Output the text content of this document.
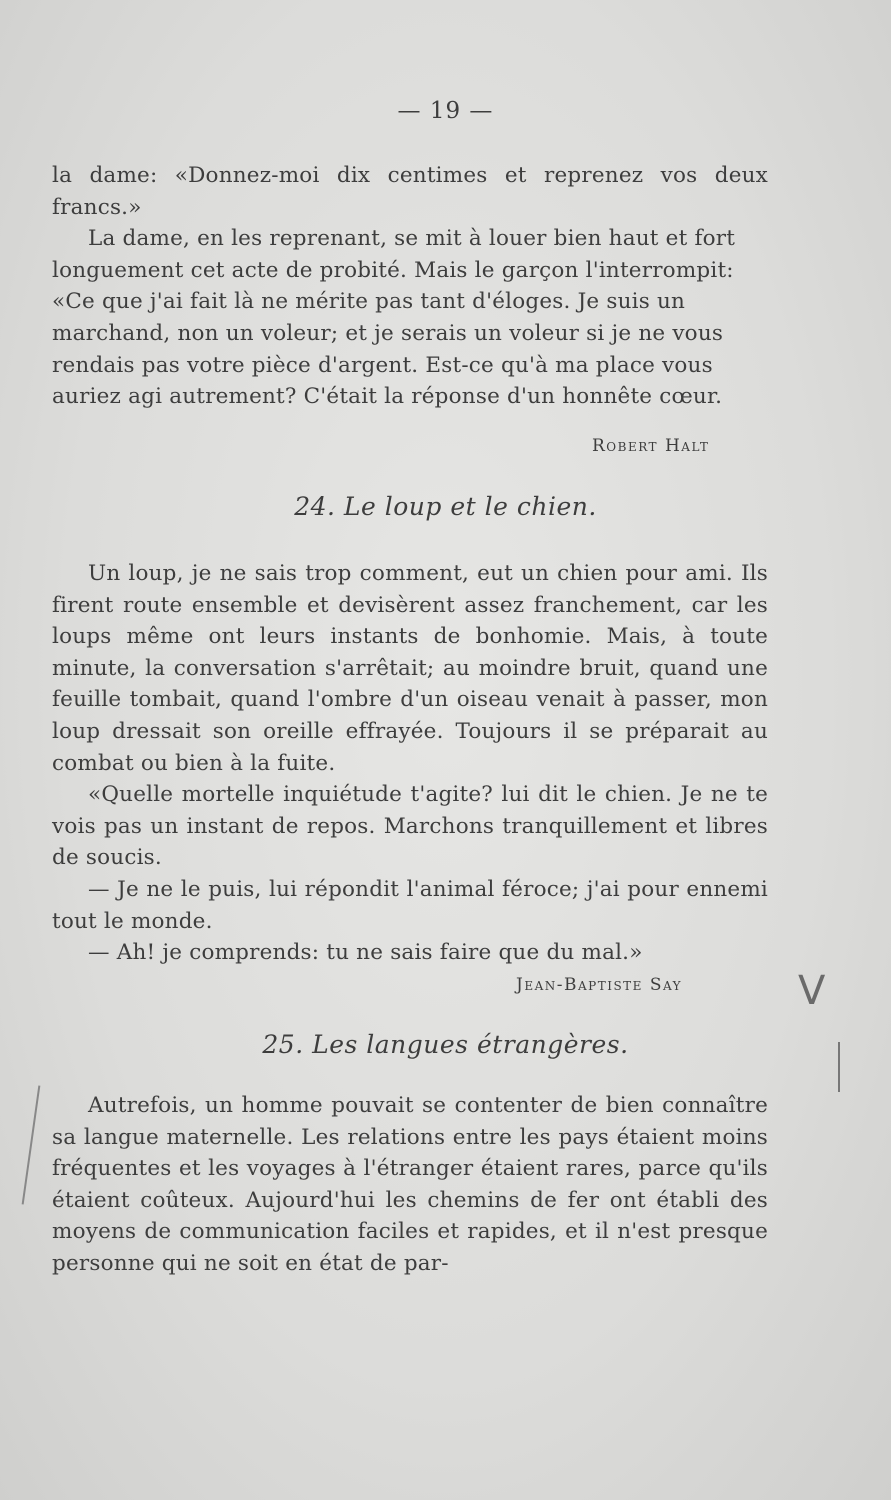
— 19 —

la dame: «Donnez-moi dix centimes et reprenez vos deux francs.»

La dame, en les reprenant, se mit à louer bien haut et fort longuement cet acte de probité. Mais le garçon l'interrompit: «Ce que j'ai fait là ne mérite pas tant d'éloges. Je suis un marchand, non un voleur; et je serais un voleur si je ne vous rendais pas votre pièce d'argent. Est-ce qu'à ma place vous auriez agi autrement? C'était la réponse d'un honnête cœur.

Robert Halt
24. Le loup et le chien.

Un loup, je ne sais trop comment, eut un chien pour ami. Ils firent route ensemble et devisèrent assez franchement, car les loups même ont leurs instants de bonhomie. Mais, à toute minute, la conversation s'arrêtait; au moindre bruit, quand une feuille tombait, quand l'ombre d'un oiseau venait à passer, mon loup dressait son oreille effrayée. Toujours il se préparait au combat ou bien à la fuite.

«Quelle mortelle inquiétude t'agite? lui dit le chien. Je ne te vois pas un instant de repos. Marchons tranquillement et libres de soucis.

— Je ne le puis, lui répondit l'animal féroce; j'ai pour ennemi tout le monde.

— Ah! je comprends: tu ne sais faire que du mal.»

Jean-Baptiste Say
25. Les langues étrangères.

Autrefois, un homme pouvait se contenter de bien connaître sa langue maternelle. Les relations entre les pays étaient moins fréquentes et les voyages à l'étranger étaient rares, parce qu'ils étaient coûteux. Aujourd'hui les chemins de fer ont établi des moyens de communication faciles et rapides, et il n'est presque personne qui ne soit en état de par-

V
